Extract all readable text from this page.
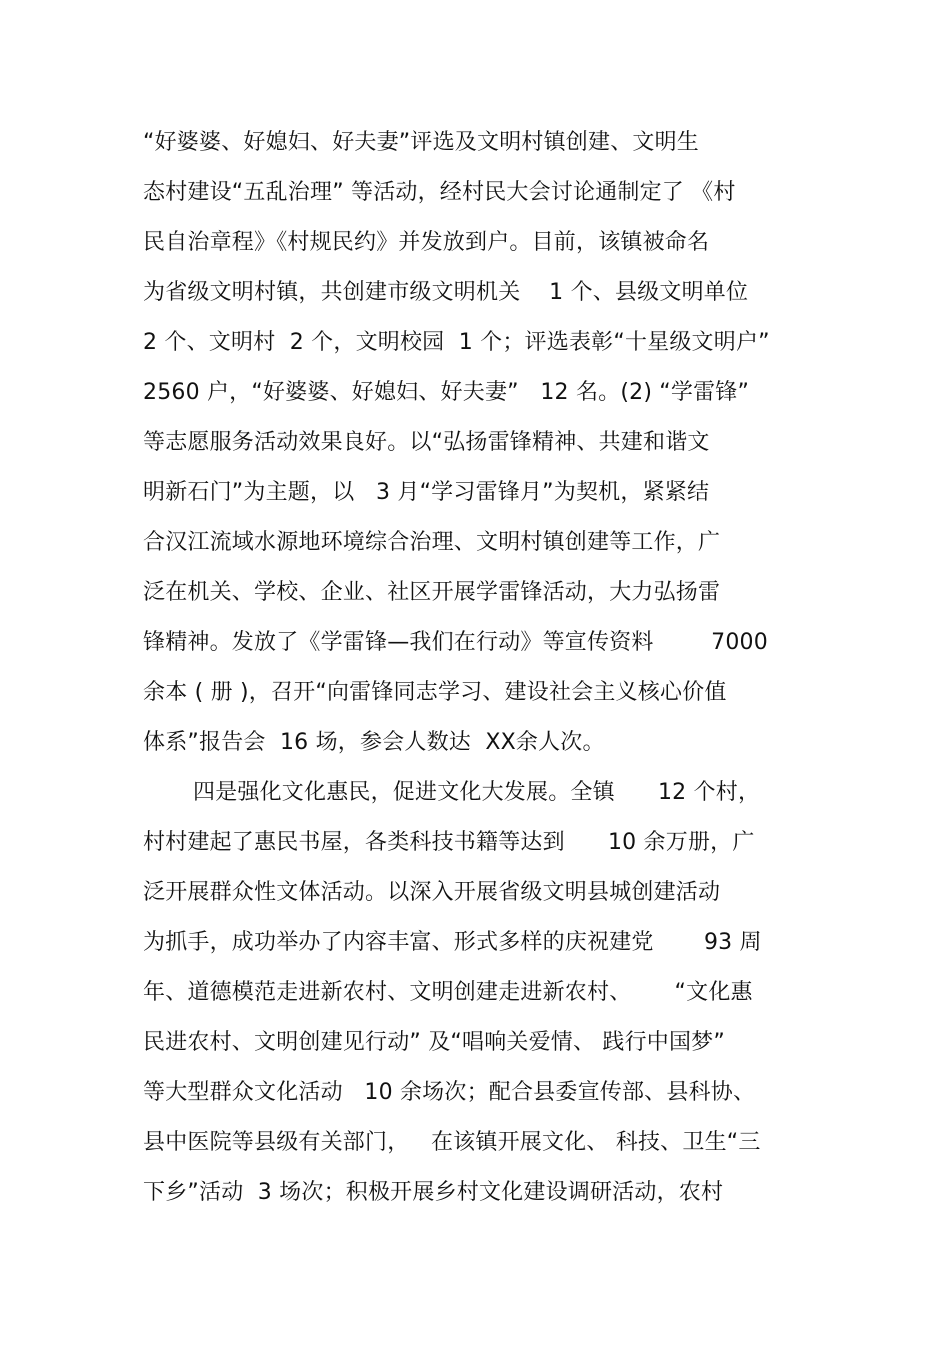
“好婆婆、好媳妇、好夫妻”评选及文明村镇创建、文明生
态村建设“五乱治理” 等活动，经村民大会讨论通制定了 《村
民自治章程》《村规民约》并发放到户。目前，该镇被命名
为省级文明村镇，共创建市级文明机关    1 个、县级文明单位
2 个、文明村  2 个，文明校园  1 个；评选表彰“十星级文明户”
2560 户，“好婆婆、好媳妇、好夫妻”   12 名。(2) “学雷锋”
等志愿服务活动效果良好。以“弘扬雷锋精神、共建和谐文
明新石门”为主题，以   3 月“学习雷锋月”为契机，紧紧结
合汉江流域水源地环境综合治理、文明村镇创建等工作，广
泛在机关、学校、企业、社区开展学雷锋活动，大力弘扬雷
锋精神。发放了《学雷锋—我们在行动》等宣传资料        7000
余本 ( 册 )，召开“向雷锋同志学习、建设社会主义核心价值
体系”报告会  16 场，参会人数达  XX余人次。
四是强化文化惠民，促进文化大发展。全镇      12 个村，
村村建起了惠民书屋，各类科技书籍等达到      10 余万册，广
泛开展群众性文体活动。以深入开展省级文明县城创建活动
为抓手，成功举办了内容丰富、形式多样的庆祝建党       93 周
年、道德模范走进新农村、文明创建走进新农村、      “文化惠
民进农村、文明创建见行动” 及“唱响关爱情、 践行中国梦”
等大型群众文化活动   10 余场次；配合县委宣传部、县科协、
县中医院等县级有关部门，   在该镇开展文化、 科技、卫生“三
下乡”活动  3 场次；积极开展乡村文化建设调研活动，农村
